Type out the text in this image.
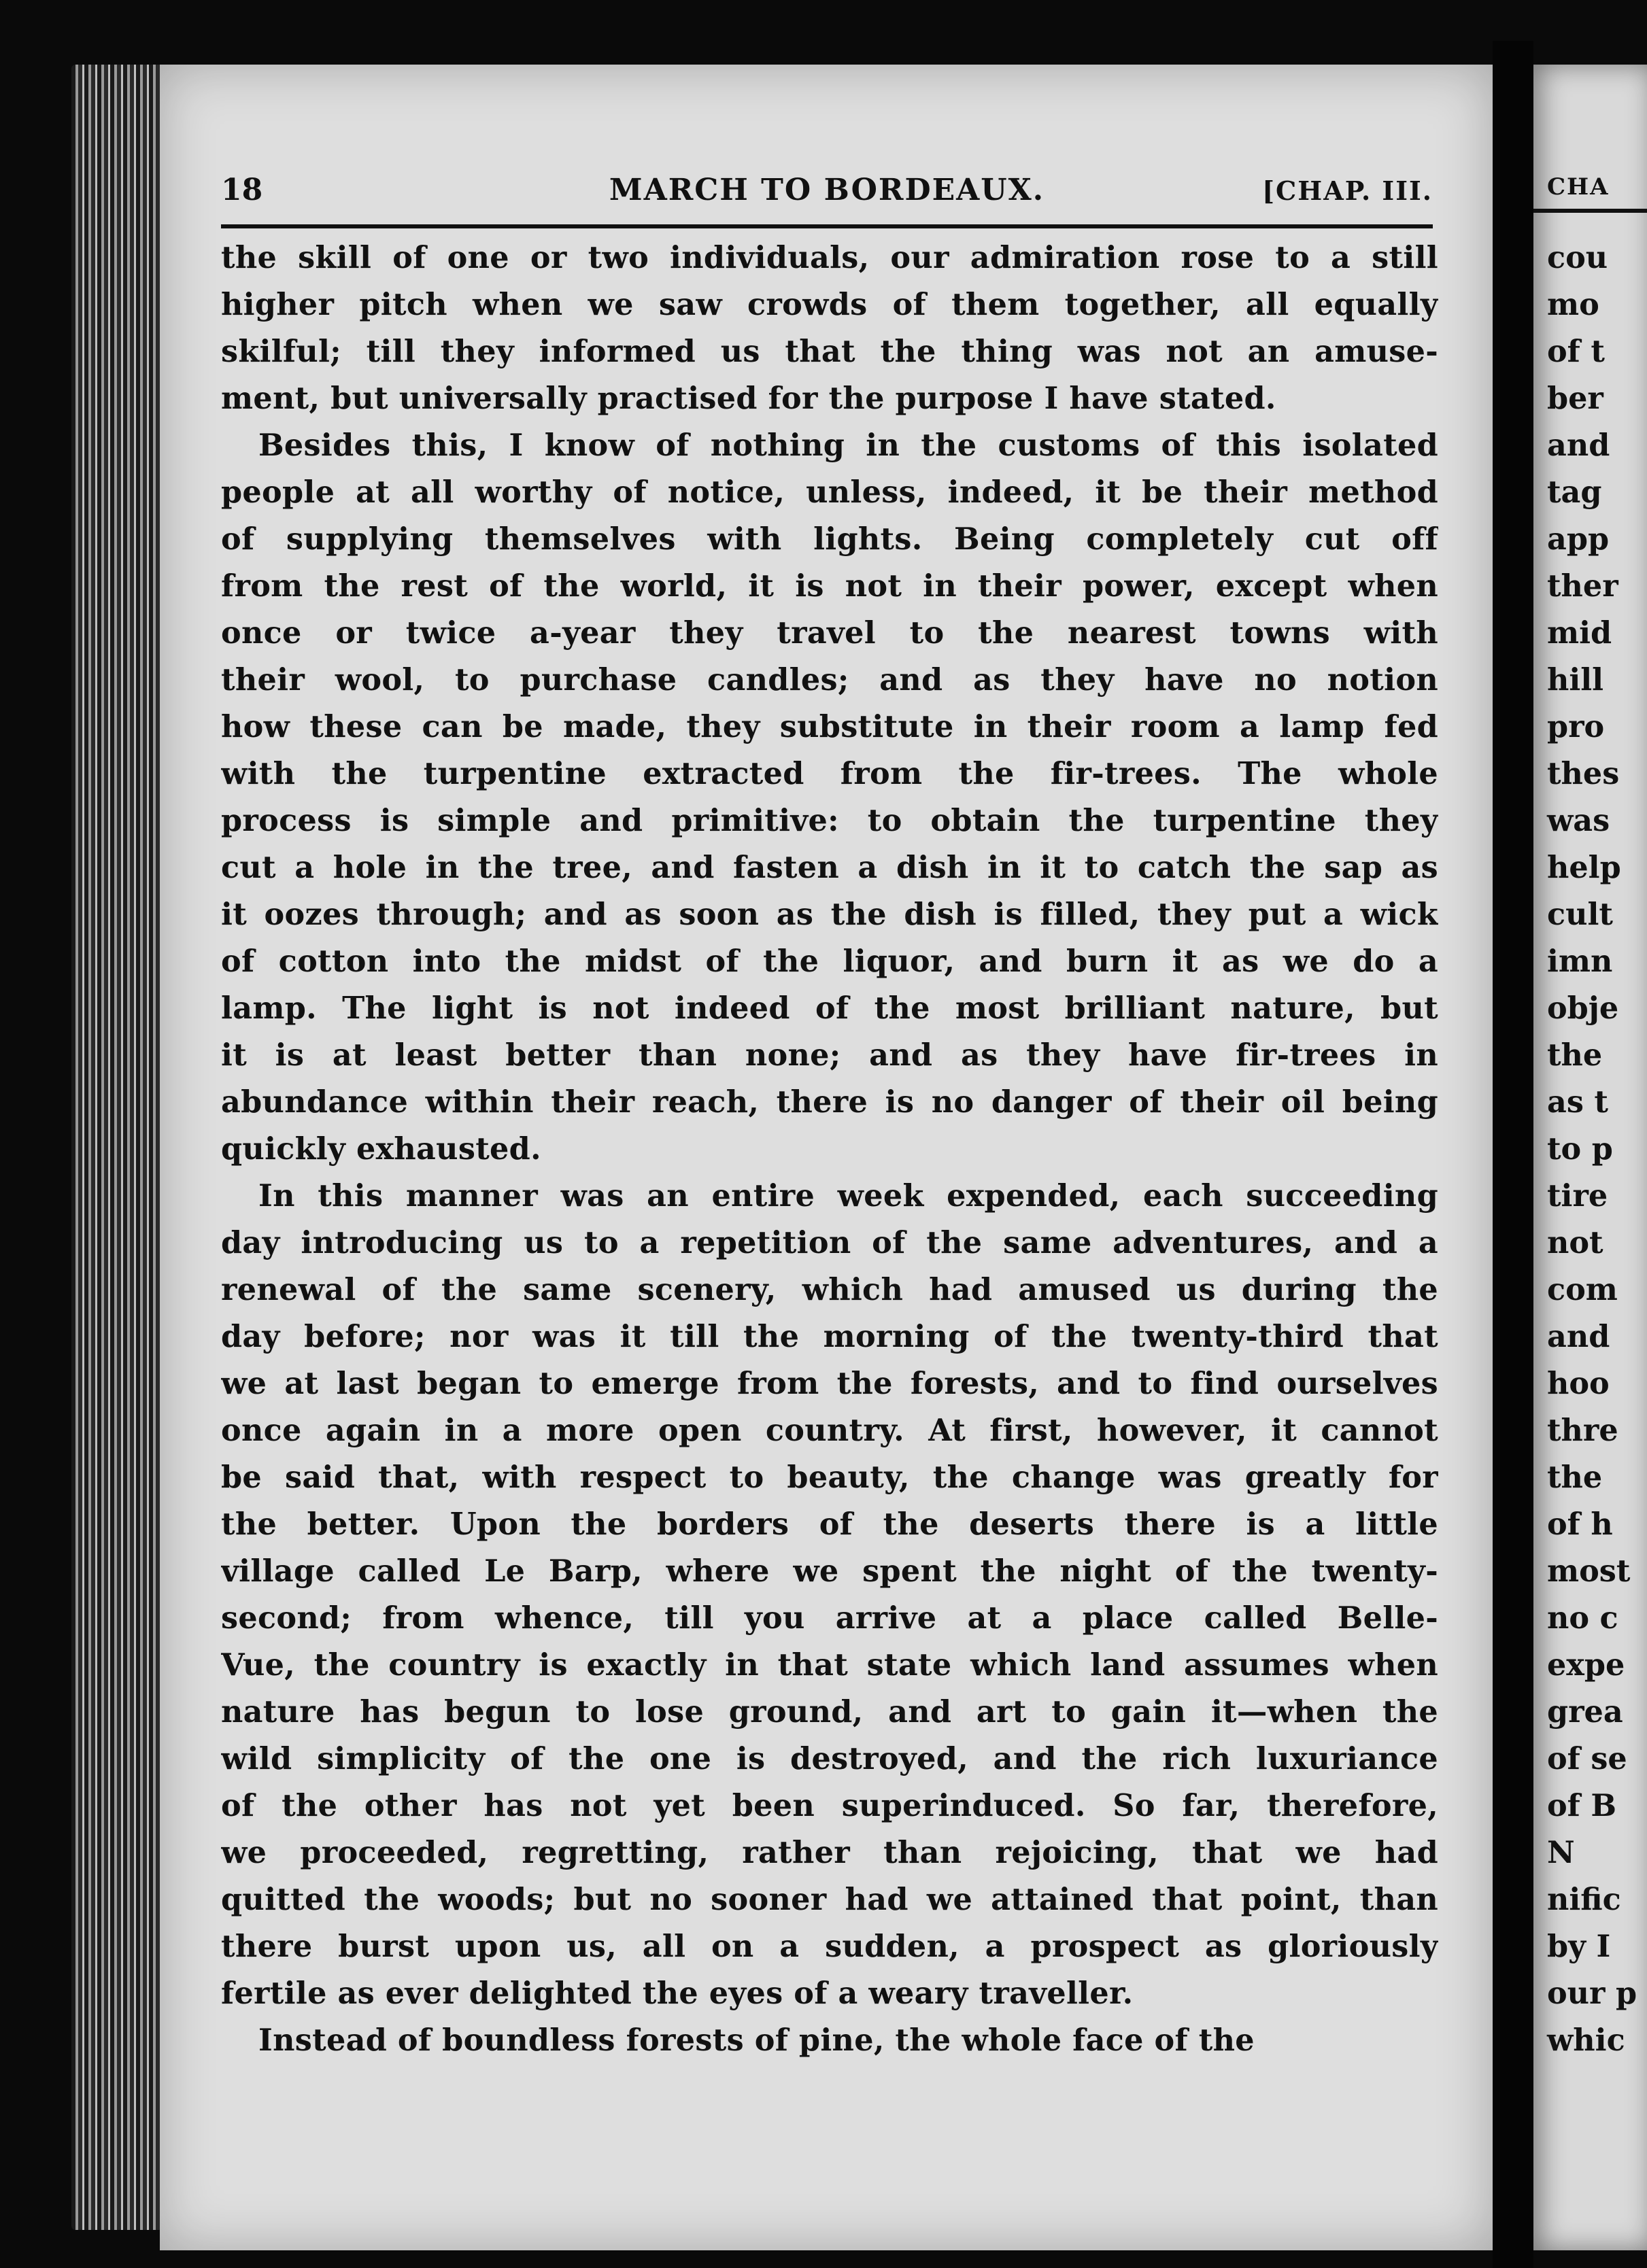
CHA
cou
mo
of t
ber
and
tag
app
ther
mid
hill
pro
thes
was
help
cult
imn
obje
the
as t
to p
tire
not
com
and
hoo
thre
the
of h
most
no c
expe
grea
of se
of B
N
nific
by I
our p
whic
18	MARCH TO BORDEAUX.	[CHAP. III.
the skill of one or two individuals, our admiration rose to a still
higher pitch when we saw crowds of them together, all equally
skilful; till they informed us that the thing was not an amuse-
ment, but universally practised for the purpose I have stated.
Besides this, I know of nothing in the customs of this isolated
people at all worthy of notice, unless, indeed, it be their method
of supplying themselves with lights. Being completely cut off
from the rest of the world, it is not in their power, except when
once or twice a-year they travel to the nearest towns with
their wool, to purchase candles; and as they have no notion
how these can be made, they substitute in their room a lamp fed
with the turpentine extracted from the fir-trees. The whole
process is simple and primitive: to obtain the turpentine they
cut a hole in the tree, and fasten a dish in it to catch the sap as
it oozes through; and as soon as the dish is filled, they put a wick
of cotton into the midst of the liquor, and burn it as we do a
lamp. The light is not indeed of the most brilliant nature, but
it is at least better than none; and as they have fir-trees in
abundance within their reach, there is no danger of their oil being
quickly exhausted.
In this manner was an entire week expended, each succeeding
day introducing us to a repetition of the same adventures, and a
renewal of the same scenery, which had amused us during the
day before; nor was it till the morning of the twenty-third that
we at last began to emerge from the forests, and to find ourselves
once again in a more open country. At first, however, it cannot
be said that, with respect to beauty, the change was greatly for
the better. Upon the borders of the deserts there is a little
village called Le Barp, where we spent the night of the twenty-
second; from whence, till you arrive at a place called Belle-
Vue, the country is exactly in that state which land assumes when
nature has begun to lose ground, and art to gain it—when the
wild simplicity of the one is destroyed, and the rich luxuriance
of the other has not yet been superinduced. So far, therefore,
we proceeded, regretting, rather than rejoicing, that we had
quitted the woods; but no sooner had we attained that point, than
there burst upon us, all on a sudden, a prospect as gloriously
fertile as ever delighted the eyes of a weary traveller.
Instead of boundless forests of pine, the whole face of the
